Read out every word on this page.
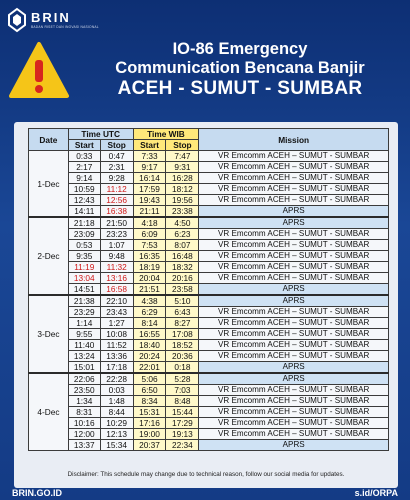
BRIN
BADAN RISET DAN INOVASI NASIONAL
IO-86 Emergency
Communication Bencana Banjir
ACEH - SUMUT - SUMBAR
Date	Time UTC		Time WIB		Mission
	Start	Stop	Start	Stop	
1-Dec	0:33	0:47	7:33	7:47	VR Emcomm ACEH – SUMUT - SUMBAR
	2:17	2:31	9:17	9:31	VR Emcomm ACEH – SUMUT - SUMBAR
	9:14	9:28	16:14	16:28	VR Emcomm ACEH – SUMUT - SUMBAR
	10:59	11:12	17:59	18:12	VR Emcomm ACEH – SUMUT - SUMBAR
	12:43	12:56	19:43	19:56	VR Emcomm ACEH – SUMUT - SUMBAR
	14:11	16:38	21:11	23:38	APRS
2-Dec	21:18	21:50	4:18	4:50	APRS
	23:09	23:23	6:09	6:23	VR Emcomm ACEH – SUMUT - SUMBAR
	0:53	1:07	7:53	8:07	VR Emcomm ACEH – SUMUT - SUMBAR
	9:35	9:48	16:35	16:48	VR Emcomm ACEH – SUMUT - SUMBAR
	11:19	11:32	18:19	18:32	VR Emcomm ACEH – SUMUT - SUMBAR
	13:04	13:16	20:04	20:16	VR Emcomm ACEH – SUMUT - SUMBAR
	14:51	16:58	21:51	23:58	APRS
3-Dec	21:38	22:10	4:38	5:10	APRS
	23:29	23:43	6:29	6:43	VR Emcomm ACEH – SUMUT - SUMBAR
	1:14	1:27	8:14	8:27	VR Emcomm ACEH – SUMUT - SUMBAR
	9:55	10:08	16:55	17:08	VR Emcomm ACEH – SUMUT - SUMBAR
	11:40	11:52	18:40	18:52	VR Emcomm ACEH – SUMUT - SUMBAR
	13:24	13:36	20:24	20:36	VR Emcomm ACEH – SUMUT - SUMBAR
	15:01	17:18	22:01	0:18	APRS
4-Dec	22:06	22:28	5:06	5:28	APRS
	23:50	0:03	6:50	7:03	VR Emcomm ACEH – SUMUT - SUMBAR
	1:34	1:48	8:34	8:48	VR Emcomm ACEH – SUMUT - SUMBAR
	8:31	8:44	15:31	15:44	VR Emcomm ACEH – SUMUT - SUMBAR
	10:16	10:29	17:16	17:29	VR Emcomm ACEH – SUMUT - SUMBAR
	12:00	12:13	19:00	19:13	VR Emcomm ACEH – SUMUT - SUMBAR
	13:37	15:34	20:37	22:34	APRS
Disclaimer: This schedule may change due to technical reason, follow our social media for updates.
BRIN.GO.ID	s.id/ORPA
